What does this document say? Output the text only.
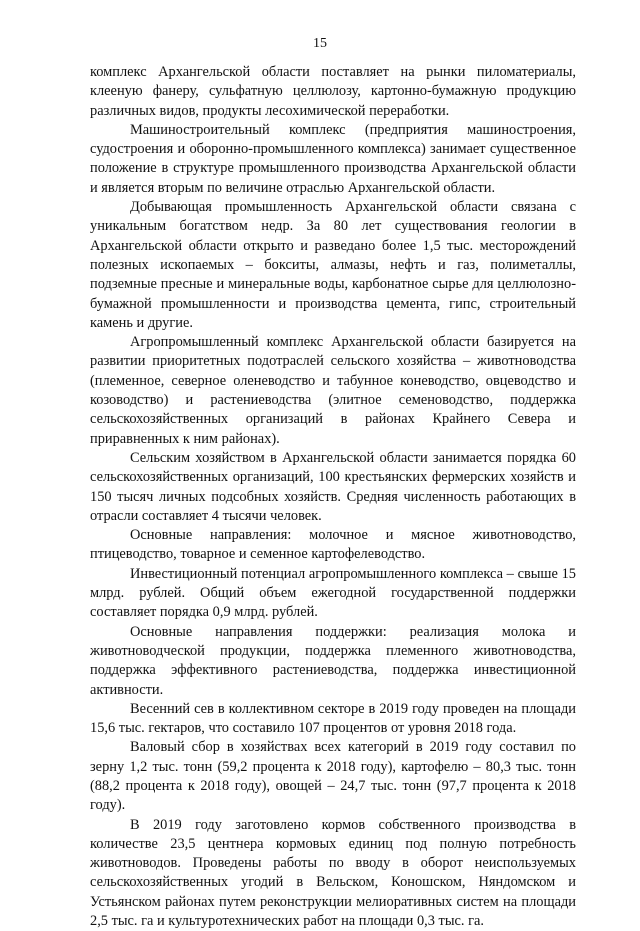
15

комплекс Архангельской области поставляет на рынки пиломатериалы, клееную фанеру, сульфатную целлюлозу, картонно-бумажную продукцию различных видов, продукты лесохимической переработки.

Машиностроительный комплекс (предприятия машиностроения, судостроения и оборонно-промышленного комплекса) занимает существенное положение в структуре промышленного производства Архангельской области и является вторым по величине отраслью Архангельской области.

Добывающая промышленность Архангельской области связана с уникальным богатством недр. За 80 лет существования геологии в Архангельской области открыто и разведано более 1,5 тыс. месторождений полезных ископаемых – бокситы, алмазы, нефть и газ, полиметаллы, подземные пресные и минеральные воды, карбонатное сырье для целлюлозно-бумажной промышленности и производства цемента, гипс, строительный камень и другие.

Агропромышленный комплекс Архангельской области базируется на развитии приоритетных подотраслей сельского хозяйства – животноводства (племенное, северное оленеводство и табунное коневодство, овцеводство и козоводство) и растениеводства (элитное семеноводство, поддержка сельскохозяйственных организаций в районах Крайнего Севера и приравненных к ним районах).

Сельским хозяйством в Архангельской области занимается порядка 60 сельскохозяйственных организаций, 100 крестьянских фермерских хозяйств и 150 тысяч личных подсобных хозяйств. Средняя численность работающих в отрасли составляет 4 тысячи человек.

Основные направления: молочное и мясное животноводство, птицеводство, товарное и семенное картофелеводство.

Инвестиционный потенциал агропромышленного комплекса – свыше 15 млрд. рублей. Общий объем ежегодной государственной поддержки составляет порядка 0,9 млрд. рублей.

Основные направления поддержки: реализация молока и животноводческой продукции, поддержка племенного животноводства, поддержка эффективного растениеводства, поддержка инвестиционной активности.

Весенний сев в коллективном секторе в 2019 году проведен на площади 15,6 тыс. гектаров, что составило 107 процентов от уровня 2018 года.

Валовый сбор в хозяйствах всех категорий в 2019 году составил по зерну 1,2 тыс. тонн (59,2 процента к 2018 году), картофелю – 80,3 тыс. тонн (88,2 процента к 2018 году), овощей – 24,7 тыс. тонн (97,7 процента к 2018 году).

В 2019 году заготовлено кормов собственного производства в количестве 23,5 центнера кормовых единиц под полную потребность животноводов. Проведены работы по вводу в оборот неиспользуемых сельскохозяйственных угодий в Вельском, Коношском, Няндомском и Устьянском районах путем реконструкции мелиоративных систем на площади 2,5 тыс. га и культуротехнических работ на площади 0,3 тыс. га.
